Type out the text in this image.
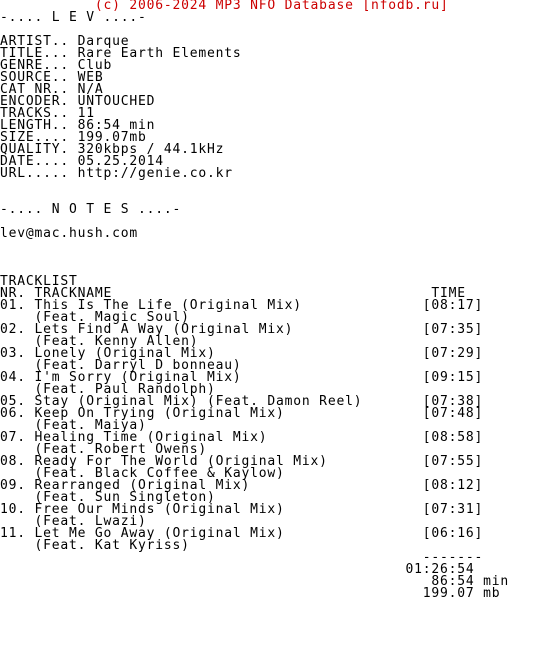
(c) 2006-2024 MP3 NFO Database [nfodb.ru]
-.... L E V ....-

ARTIST.. Darque
TITLE... Rare Earth Elements
GENRE... Club
SOURCE.. WEB
CAT NR.. N/A
ENCODER. UNTOUCHED
TRACKS.. 11
LENGTH.. 86:54 min
SIZE.... 199.07mb
QUALITY. 320kbps / 44.1kHz
DATE.... 05.25.2014
URL..... http://genie.co.kr

-.... N O T E S ....-

lev@mac.hush.com

TRACKLIST
NR. TRACKNAME                                     TIME
01. This Is The Life (Original Mix)              [08:17]
(Feat. Magic Soul)
02. Lets Find A Way (Original Mix)               [07:35]
(Feat. Kenny Allen)
03. Lonely (Original Mix)                        [07:29]
(Feat. Darryl D bonneau)
04. I'm Sorry (Original Mix)                     [09:15]
(Feat. Paul Randolph)
05. Stay (Original Mix) (Feat. Damon Reel)       [07:38]
06. Keep On Trying (Original Mix)                [07:48]
(Feat. Maiya)
07. Healing Time (Original Mix)                  [08:58]
(Feat. Robert Owens)
08. Ready For The World (Original Mix)           [07:55]
(Feat. Black Coffee & Kaylow)
09. Rearranged (Original Mix)                    [08:12]
(Feat. Sun Singleton)
10. Free Our Minds (Original Mix)                [07:31]
(Feat. Lwazi)
11. Let Me Go Away (Original Mix)                [06:16]
(Feat. Kat Kyriss)
-------
01:26:54
86:54 min
199.07 mb
